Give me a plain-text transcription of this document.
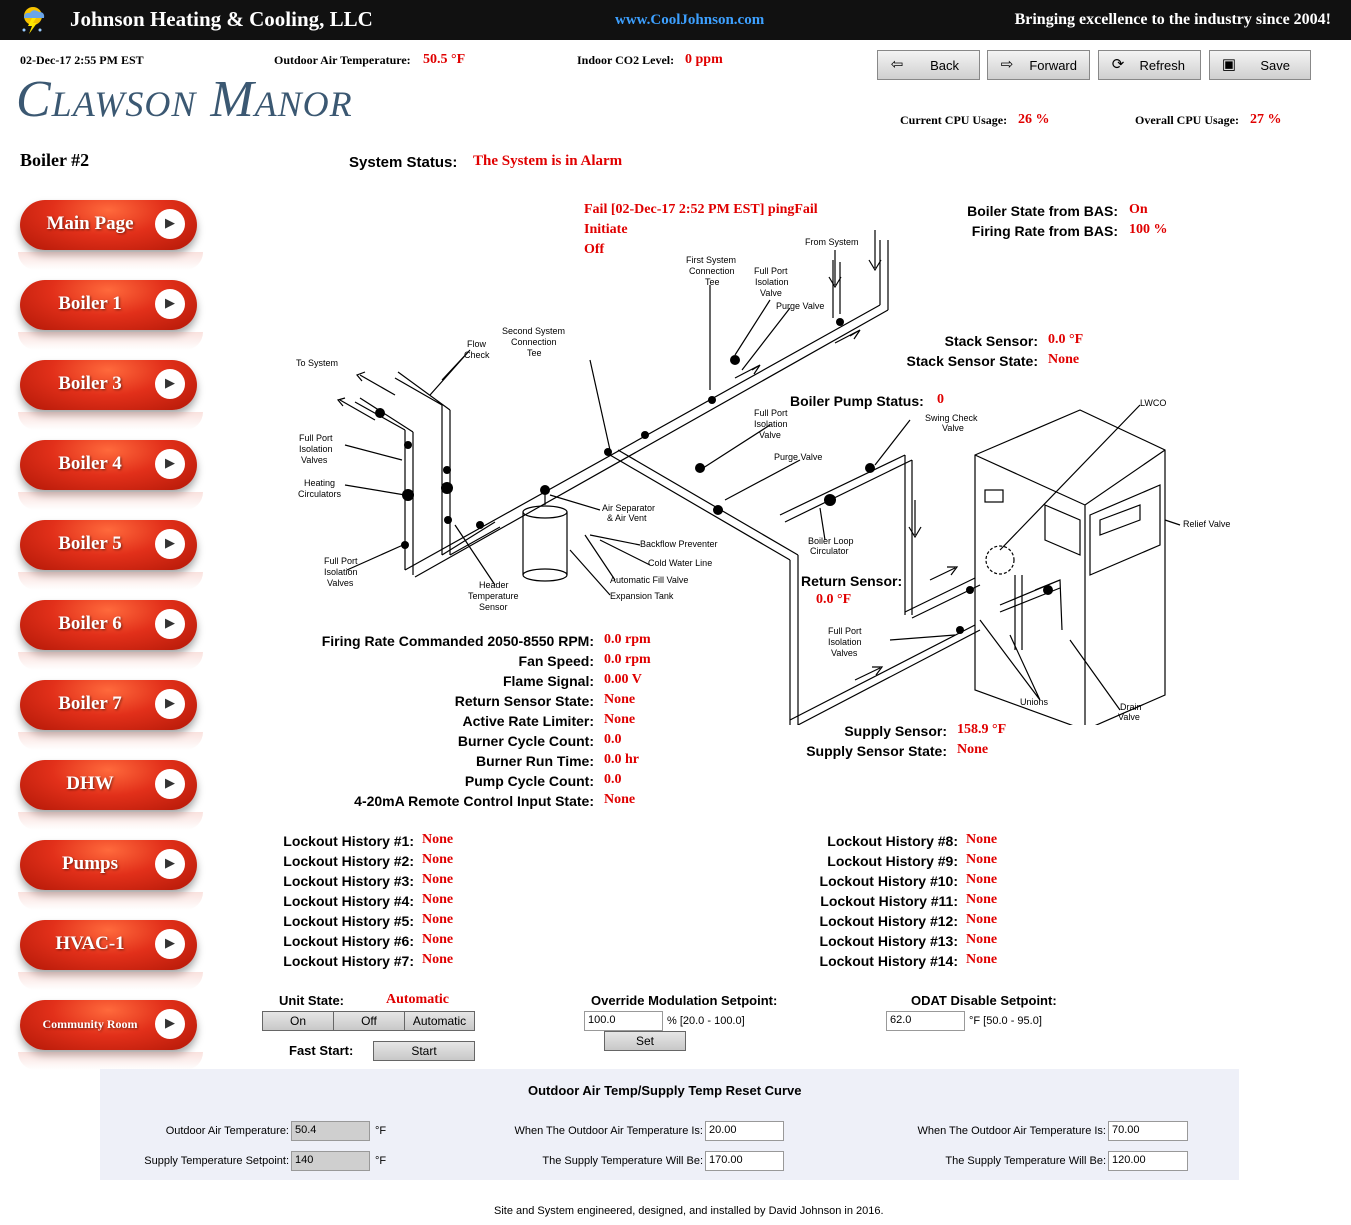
Johnson Heating & Cooling, LLC	www.CoolJohnson.com	Bringing excellence to the industry since 2004!
02-Dec-17 2:55 PM EST	Outdoor Air Temperature: 50.5 °F	Indoor CO2 Level: 0 ppm
Clawson Manor
⇦ Back	⇨ Forward ⟳ Refresh ▣ Save
Current CPU Usage: 26 %	Overall CPU Usage: 27 %
Boiler #2
Main Page	▶
Boiler 1	▶
Boiler 3	▶
Boiler 4	▶
Boiler 5	▶
Boiler 6	▶
Boiler 7	▶
DHW	▶
Pumps	▶
HVAC-1	▶
Community Room	▶
System Status: The System is in Alarm
From System
First System
Connection
Tee
Full Port
Isolation
Valve
Purge Valve
Second System
Connection
Tee
To System
Flow
Check
Full Port
Isolation
Valves
Heating
Circulators
Full Port
Isolation
Valves	Header
Temperature
Sensor
Air Separator
& Air Vent
Backflow Preventer
Cold Water Line
Automatic Fill Valve
Expansion Tank
Full Port
Isolation
Valve
Purge Valve
Swing Check
Valve
Boiler Loop
Circulator
LWCO
Relief Valve
Full Port
Isolation
Valves
Unions	Drain
Valve
Fail [02-Dec-17 2:52 PM EST] pingFail
Initiate
Off
Boiler State from BAS: On
Firing Rate from BAS: 100 %
Stack Sensor: 0.0 °F
Stack Sensor State: None
Boiler Pump Status: 0
Return Sensor:
0.0 °F
Supply Sensor: 158.9 °F
Supply Sensor State: None
Firing Rate Commanded 2050-8550 RPM: 0.0 rpm
Fan Speed: 0.0 rpm
Flame Signal: 0.00 V
Return Sensor State: None
Active Rate Limiter: None
Burner Cycle Count: 0.0
Burner Run Time: 0.0 hr
Pump Cycle Count: 0.0
4-20mA Remote Control Input State: None
Lockout History #1: None
Lockout History #2: None
Lockout History #3: None
Lockout History #4: None
Lockout History #5: None
Lockout History #6: None
Lockout History #7: None
Lockout History #8: None
Lockout History #9: None
Lockout History #10: None
Lockout History #11: None
Lockout History #12: None
Lockout History #13: None
Lockout History #14: None
Unit State:	Automatic
On	Off	Automatic
Fast Start:	Start
Override Modulation Setpoint:
100.0	% [20.0 - 100.0]
Set
ODAT Disable Setpoint:
62.0	°F [50.0 - 95.0]
Outdoor Air Temp/Supply Temp Reset Curve
Outdoor Air Temperature: 50.4	°F
Supply Temperature Setpoint: 140	°F
When The Outdoor Air Temperature Is: 20.00
The Supply Temperature Will Be: 170.00
When The Outdoor Air Temperature Is: 70.00
The Supply Temperature Will Be: 120.00
Site and System engineered, designed, and installed by David Johnson in 2016.
